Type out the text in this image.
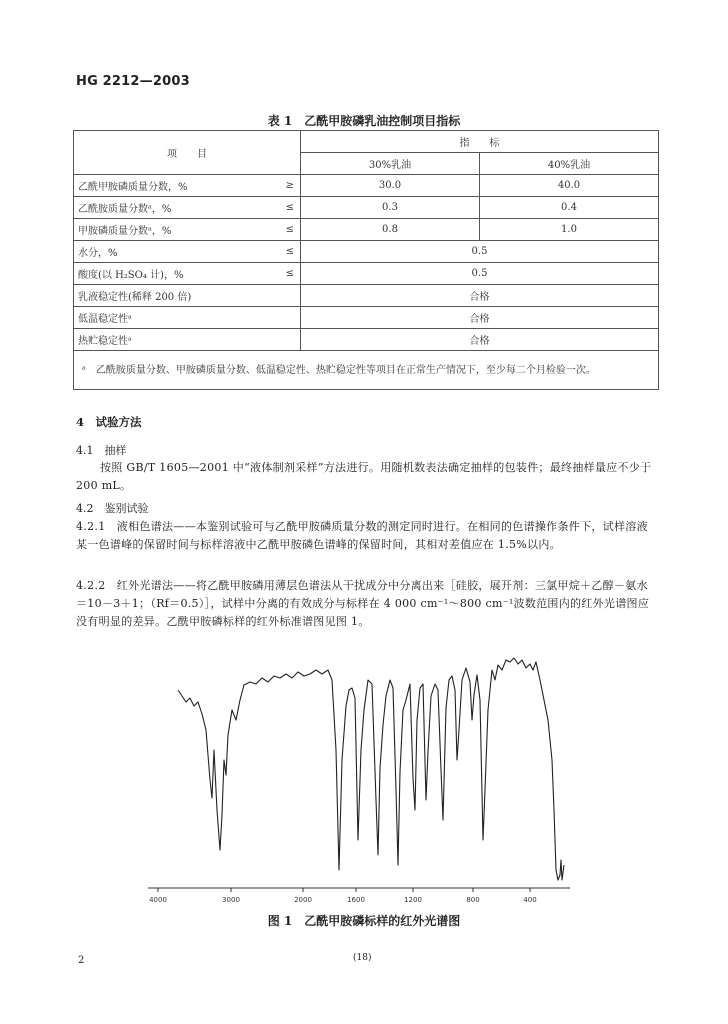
HG 2212—2003
表 1　乙酰甲胺磷乳油控制项目指标
项　　目		指　　标	
		30%乳油	40%乳油
乙酰甲胺磷质量分数，%	≥	30.0	40.0
乙酰胺质量分数ᵃ，%	≤	0.3	0.4
甲胺磷质量分数ᵃ，%	≤	0.8	1.0
水分，%	≤	0.5	
酸度(以 H₂SO₄ 计)，%	≤	0.5	
乳液稳定性(稀释 200 倍)		合格	
低温稳定性ᵃ		合格	
热贮稳定性ᵃ		合格	
ᵃ　乙酰胺质量分数、甲胺磷质量分数、低温稳定性、热贮稳定性等项目在正常生产情况下，至少每二个月检验一次。			
4　试验方法
4.1　抽样
按照 GB/T 1605—2001 中“液体制剂采样”方法进行。用随机数表法确定抽样的包装件；最终抽样量应不少于 200 mL。
4.2　鉴别试验
4.2.1　液相色谱法——本鉴别试验可与乙酰甲胺磷质量分数的测定同时进行。在相同的色谱操作条件下，试样溶液某一色谱峰的保留时间与标样溶液中乙酰甲胺磷色谱峰的保留时间，其相对差值应在 1.5%以内。
4.2.2　红外光谱法——将乙酰甲胺磷用薄层色谱法从干扰成分中分离出来［硅胶，展开剂：三氯甲烷＋乙醇－氨水＝10－3＋1；（Rf＝0.5）］，试样中分离的有效成分与标样在 4 000 cm⁻¹～800 cm⁻¹波数范围内的红外光谱图应没有明显的差异。乙酰甲胺磷标样的红外标准谱图见图 1。
4000	3000	2000	1600	1200	800	400
图 1　乙酰甲胺磷标样的红外光谱图
2	(18)
